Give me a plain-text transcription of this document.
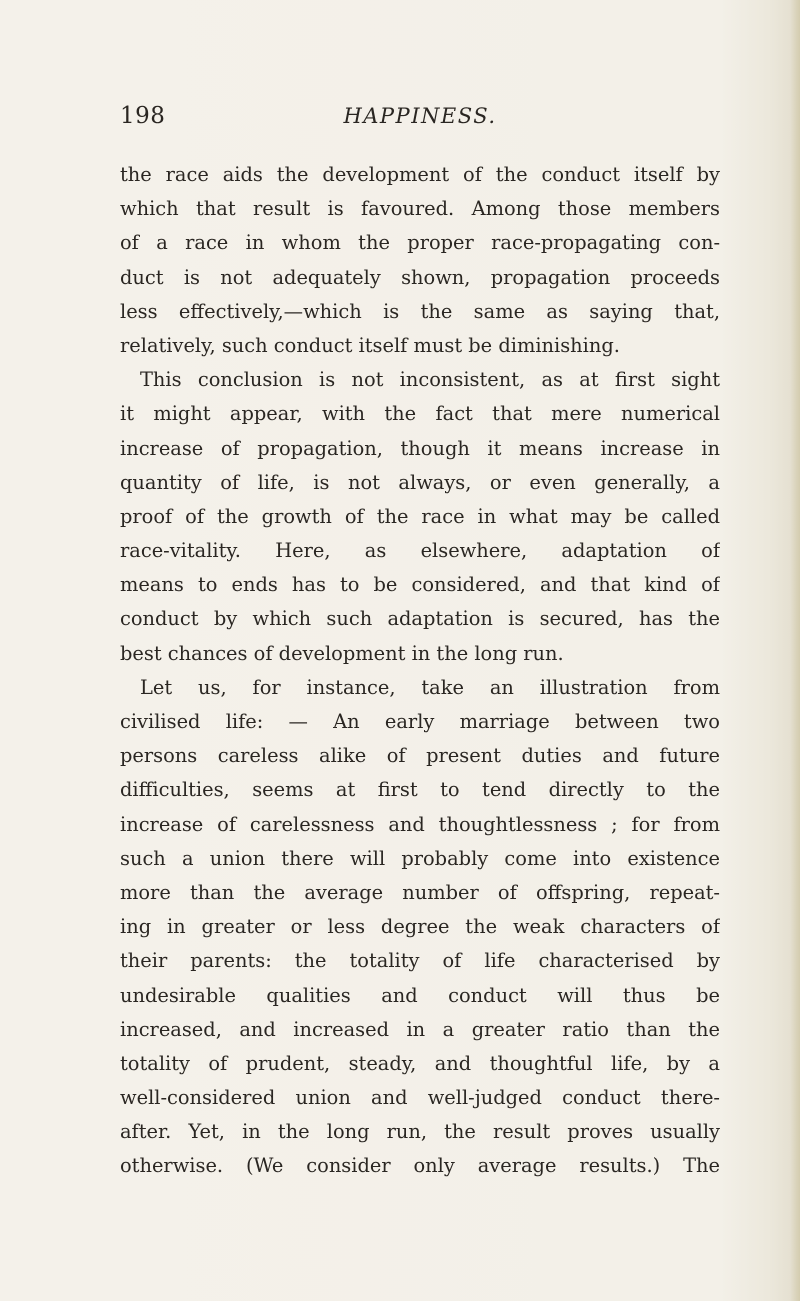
198	HAPPINESS.
the race aids the development of the conduct itself by
which that result is favoured. Among those members
of a race in whom the proper race-propagating con-
duct is not adequately shown, propagation proceeds
less effectively,—which is the same as saying that,
relatively, such conduct itself must be diminishing.
This conclusion is not inconsistent, as at first sight
it might appear, with the fact that mere numerical
increase of propagation, though it means increase in
quantity of life, is not always, or even generally, a
proof of the growth of the race in what may be called
race-vitality. Here, as elsewhere, adaptation of
means to ends has to be considered, and that kind of
conduct by which such adaptation is secured, has the
best chances of development in the long run.
Let us, for instance, take an illustration from
civilised life: — An early marriage between two
persons careless alike of present duties and future
difficulties, seems at first to tend directly to the
increase of carelessness and thoughtlessness ; for from
such a union there will probably come into existence
more than the average number of offspring, repeat-
ing in greater or less degree the weak characters of
their parents: the totality of life characterised by
undesirable qualities and conduct will thus be
increased, and increased in a greater ratio than the
totality of prudent, steady, and thoughtful life, by a
well-considered union and well-judged conduct there-
after. Yet, in the long run, the result proves usually
otherwise. (We consider only average results.) The
